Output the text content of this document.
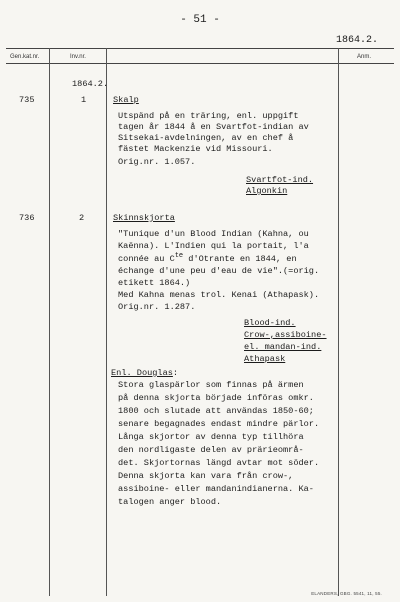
- 51 -
1864.2.
Gen.kat.nr.	Inv.nr.	Anm.
1864.2.
735	1	Skalp
Utspänd på en träring, enl. uppgift
tagen år 1844 å en Svartfot-indian av
Sitsekai-avdelningen, av en chef å
fästet Mackenzie vid Missouri.
Orig.nr. 1.057.
Svartfot-ind.
Algonkin
736	2	Skinnskjorta
"Tunique d'un Blood Indian (Kahna, ou
Kaënna). L'Indien qui la portait, l'a
connée au $C^{te}$ d'Otrante en 1844, en
échange d'une peu d'eau de vie".(=orig.
etikett 1864.)
Med Kahna menas trol. Kenai (Athapask).
Orig.nr. 1.287.
Blood-ind.
Crow-,assiboine-
el. mandan-ind.
Athapask
Enl. Douglas:
Stora glaspärlor som finnas på ärmen
på denna skjorta började införas omkr.
1800 och slutade att användas 1850-60;
senare begagnades endast mindre pärlor.
Långa skjortor av denna typ tillhöra
den nordligaste delen av prärieområ-
det. Skjortornas längd avtar mot söder.
Denna skjorta kan vara från crow-,
assiboine- eller mandanindianerna. Ka-
talogen anger blood.
ELANDERS, GBG. 5541, 11, 55.
